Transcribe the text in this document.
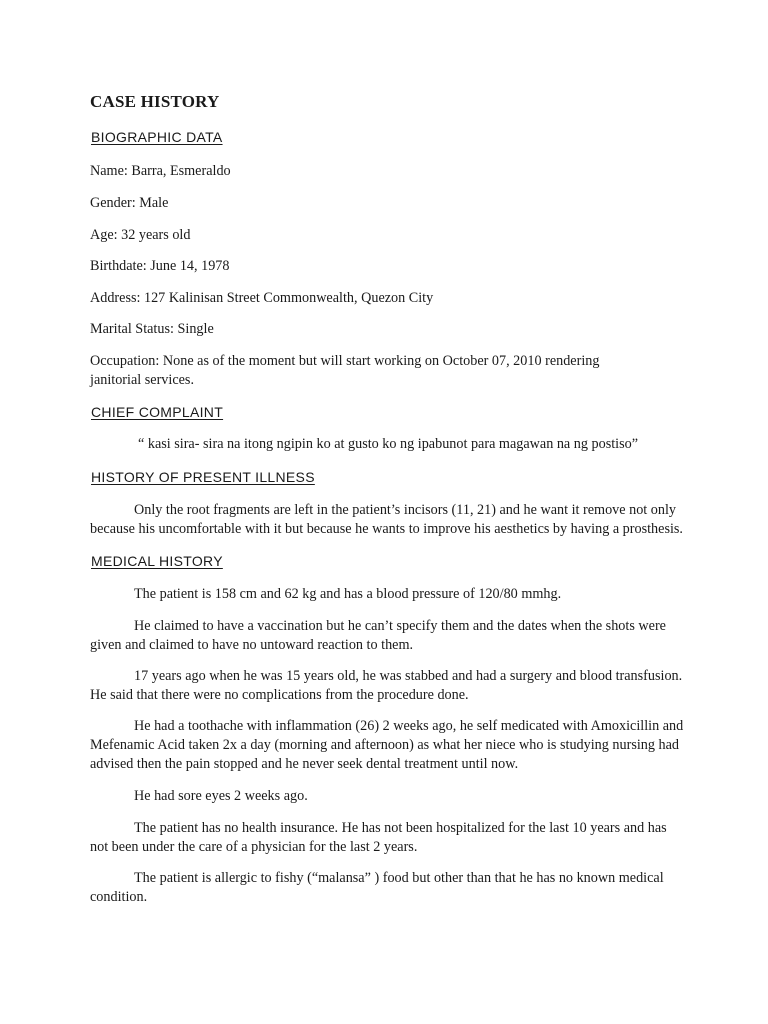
CASE HISTORY
BIOGRAPHIC DATA
Name: Barra, Esmeraldo
Gender: Male
Age: 32 years old
Birthdate: June 14, 1978
Address: 127 Kalinisan Street Commonwealth, Quezon City
Marital Status: Single
Occupation: None as of the moment but will start working on October 07, 2010 rendering janitorial services.
CHIEF COMPLAINT
“ kasi sira- sira na itong ngipin ko at gusto ko ng ipabunot para magawan na ng postiso”
HISTORY OF PRESENT ILLNESS
Only the root fragments are left in the patient’s incisors (11, 21) and he want it remove not only because his uncomfortable with it but because he wants to improve his aesthetics by having a prosthesis.
MEDICAL HISTORY
The patient is 158 cm and 62 kg and has a blood pressure of 120/80 mmhg.
He claimed to have a vaccination but he can’t specify them and the dates when the shots were given and claimed to have no untoward reaction to them.
17 years ago when he was 15 years old, he was stabbed and had a surgery and blood transfusion. He said that there were no complications from the procedure done.
He had a toothache with inflammation (26) 2 weeks ago, he self medicated with Amoxicillin and Mefenamic Acid taken 2x a day (morning and afternoon) as what her niece who is studying nursing had advised then the pain stopped and he never seek dental treatment until now.
He had sore eyes 2 weeks ago.
The patient has no health insurance. He has not been hospitalized for the last 10 years and has not been under the care of a physician for the last 2 years.
The patient is allergic to fishy (“malansa” ) food but other than that he has no known medical condition.
